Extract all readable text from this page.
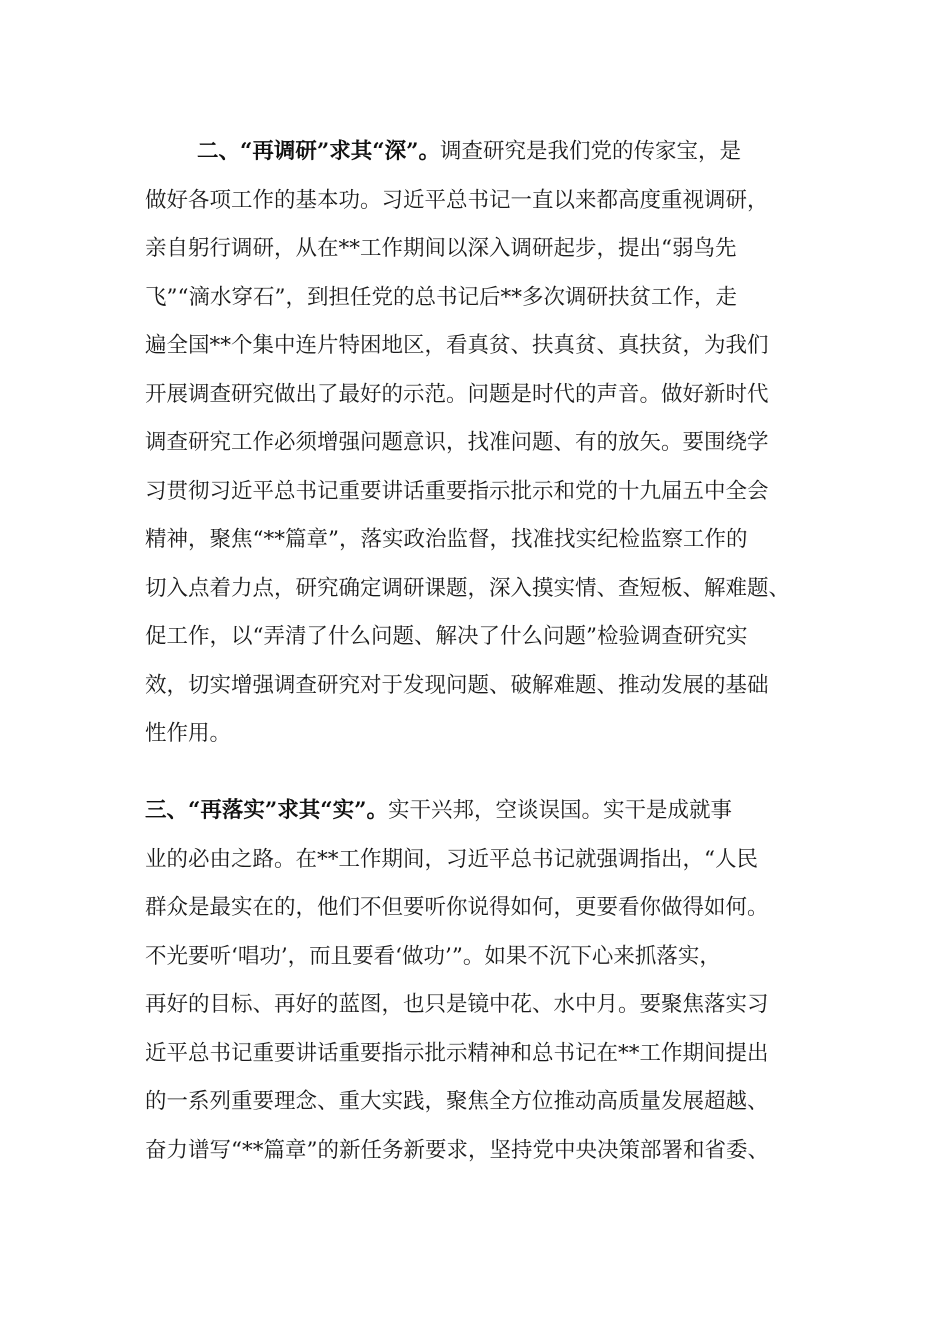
二、“再调研”求其“深”。调查研究是我们党的传家宝，是
做好各项工作的基本功。习近平总书记一直以来都高度重视调研，
亲自躬行调研，从在**工作期间以深入调研起步，提出“弱鸟先
飞”“滴水穿石”，到担任党的总书记后**多次调研扶贫工作，走
遍全国**个集中连片特困地区，看真贫、扶真贫、真扶贫，为我们
开展调查研究做出了最好的示范。问题是时代的声音。做好新时代
调查研究工作必须增强问题意识，找准问题、有的放矢。要围绕学
习贯彻习近平总书记重要讲话重要指示批示和党的十九届五中全会
精神，聚焦“**篇章”，落实政治监督，找准找实纪检监察工作的
切入点着力点，研究确定调研课题，深入摸实情、查短板、解难题、
促工作，以“弄清了什么问题、解决了什么问题”检验调查研究实
效，切实增强调查研究对于发现问题、破解难题、推动发展的基础
性作用。

三、“再落实”求其“实”。实干兴邦，空谈误国。实干是成就事
业的必由之路。在**工作期间，习近平总书记就强调指出，“人民
群众是最实在的，他们不但要听你说得如何，更要看你做得如何。
不光要听‘唱功’，而且要看‘做功’”。如果不沉下心来抓落实，
再好的目标、再好的蓝图，也只是镜中花、水中月。要聚焦落实习
近平总书记重要讲话重要指示批示精神和总书记在**工作期间提出
的一系列重要理念、重大实践，聚焦全方位推动高质量发展超越、
奋力谱写“**篇章”的新任务新要求，坚持党中央决策部署和省委、
